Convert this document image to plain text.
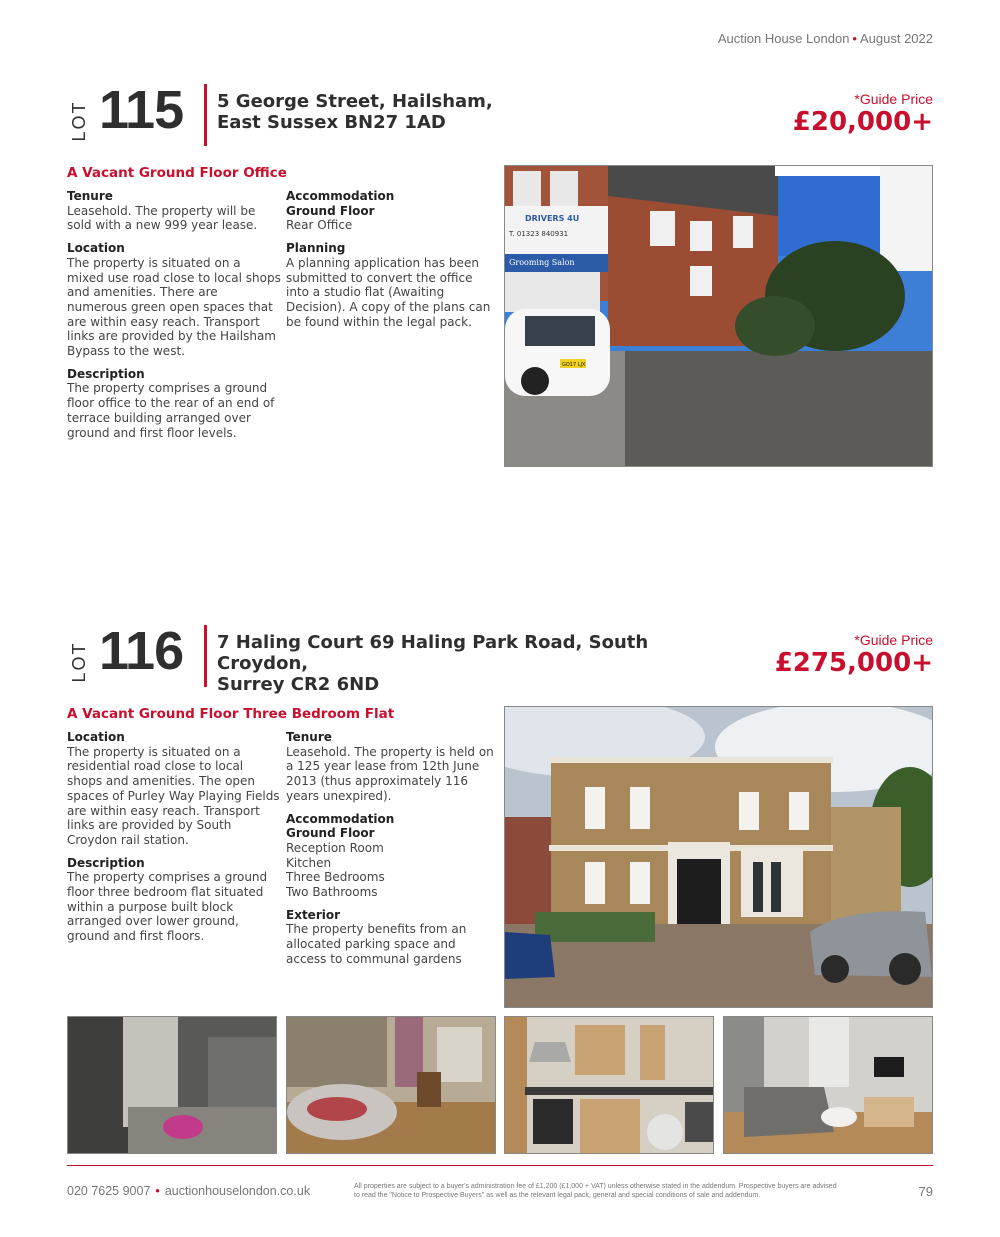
Auction House London • August 2022
LOT 115 5 George Street, Hailsham,
East Sussex BN27 1AD
*Guide Price
£20,000+
A Vacant Ground Floor Office
Tenure
Leasehold. The property will be sold with a new 999 year lease.
Location
The property is situated on a mixed use road close to local shops and amenities. There are numerous green open spaces that are within easy reach. Transport links are provided by the Hailsham Bypass to the west.
Description
The property comprises a ground floor office to the rear of an end of terrace building arranged over ground and first floor levels.
Accommodation
Ground Floor
Rear Office
Planning
A planning application has been submitted to convert the office into a studio flat (Awaiting Decision). A copy of the plans can be found within the legal pack.
DRIVERS 4U
T. 01323 840931
Grooming Salon
GO17 LJX
LOT 116 7 Haling Court 69 Haling Park Road, South Croydon,
Surrey CR2 6ND
*Guide Price
£275,000+
A Vacant Ground Floor Three Bedroom Flat
Location
The property is situated on a residential road close to local shops and amenities. The open spaces of Purley Way Playing Fields are within easy reach. Transport links are provided by South Croydon rail station.
Description
The property comprises a ground floor three bedroom flat situated within a purpose built block arranged over lower ground, ground and first floors.
Tenure
Leasehold. The property is held on a 125 year lease from 12th June 2013 (thus approximately 116 years unexpired).
Accommodation
Ground Floor
Reception Room
Kitchen
Three Bedrooms
Two Bathrooms
Exterior
The property benefits from an allocated parking space and access to communal gardens
020 7625 9007 • auctionhouselondon.co.uk	All properties are subject to a buyer's administration fee of £1,200 (£1,000 + VAT) unless otherwise stated in the addendum. Prospective buyers are advised to read the "Notice to Prospective Buyers" as well as the relevant legal pack, general and special conditions of sale and addendum.	79
